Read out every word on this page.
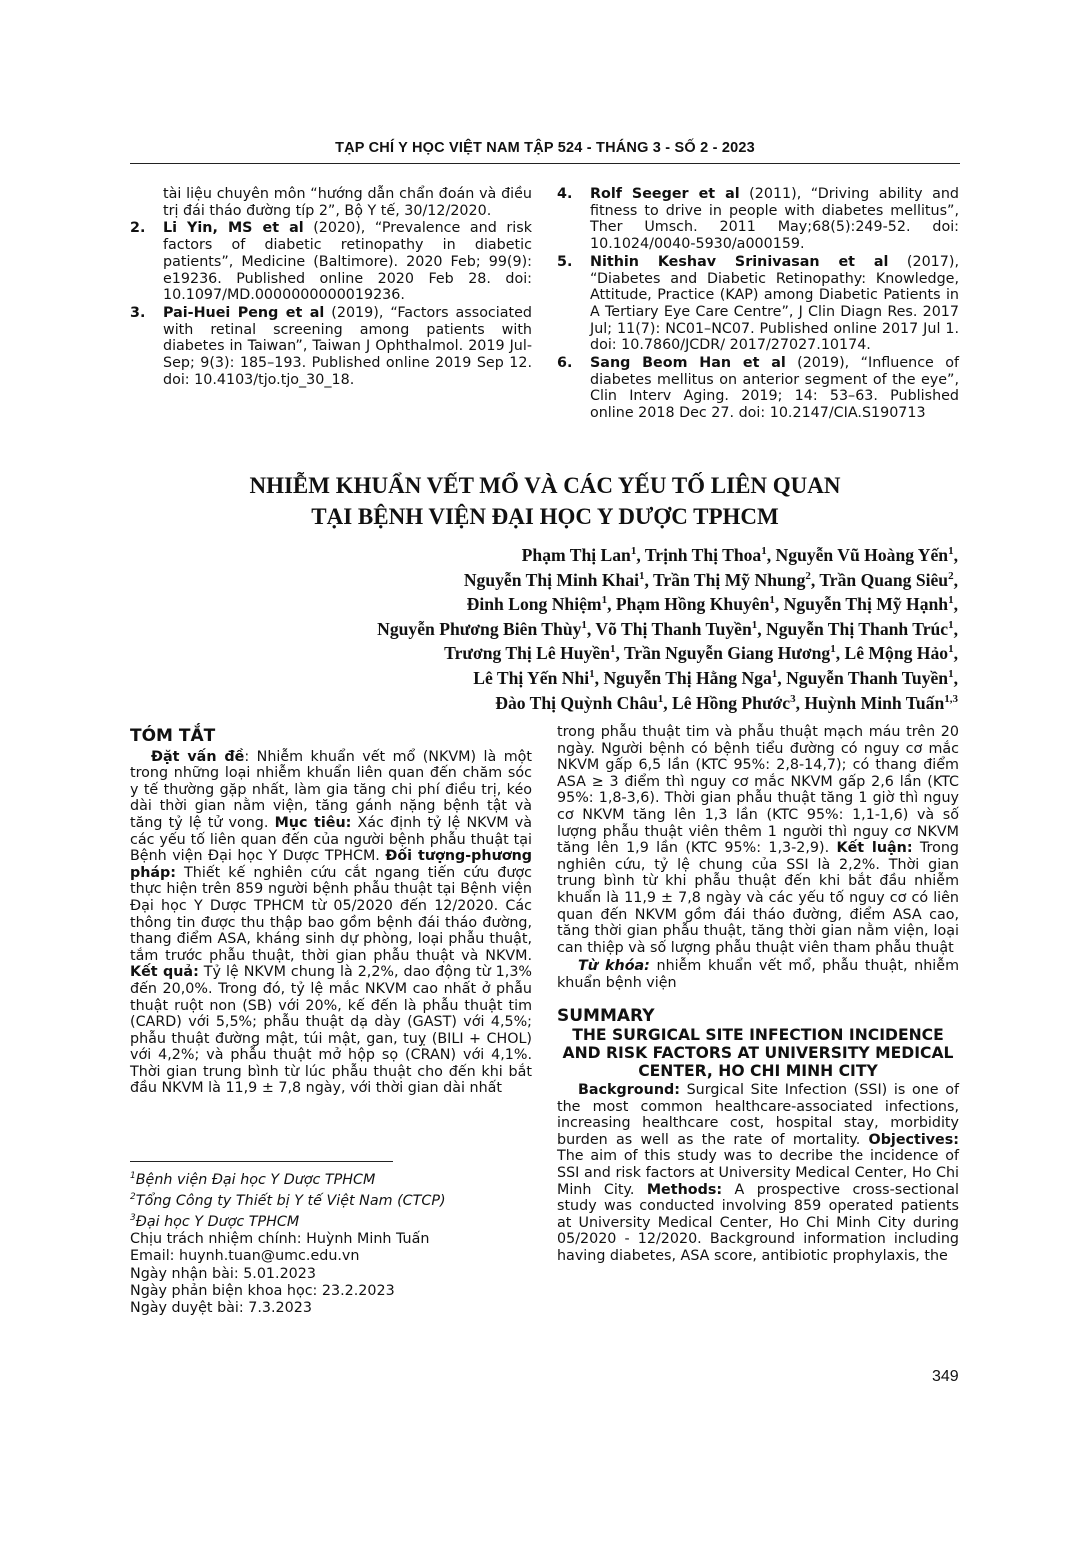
TẠP CHÍ Y HỌC VIỆT NAM TẬP 524 - THÁNG 3 - SỐ 2 - 2023
tài liệu chuyên môn “hướng dẫn chẩn đoán và điều trị đái tháo đường típ 2”, Bộ Y tế, 30/12/2020.
2. Li Yin, MS et al (2020), “Prevalence and risk factors of diabetic retinopathy in diabetic patients”, Medicine (Baltimore). 2020 Feb; 99(9): e19236. Published online 2020 Feb 28. doi: 10.1097/MD.0000000000019236.
3. Pai-Huei Peng et al (2019), “Factors associated with retinal screening among patients with diabetes in Taiwan”, Taiwan J Ophthalmol. 2019 Jul-Sep; 9(3): 185–193. Published online 2019 Sep 12. doi: 10.4103/tjo.tjo_30_18.
4. Rolf Seeger et al (2011), “Driving ability and fitness to drive in people with diabetes mellitus”, Ther Umsch. 2011 May;68(5):249-52. doi: 10.1024/0040-5930/a000159.
5. Nithin Keshav Srinivasan et al (2017), “Diabetes and Diabetic Retinopathy: Knowledge, Attitude, Practice (KAP) among Diabetic Patients in A Tertiary Eye Care Centre”, J Clin Diagn Res. 2017 Jul; 11(7): NC01–NC07. Published online 2017 Jul 1. doi: 10.7860/JCDR/ 2017/27027.10174.
6. Sang Beom Han et al (2019), “Influence of diabetes mellitus on anterior segment of the eye”, Clin Interv Aging. 2019; 14: 53–63. Published online 2018 Dec 27. doi: 10.2147/CIA.S190713
NHIỄM KHUẨN VẾT MỔ VÀ CÁC YẾU TỐ LIÊN QUAN
TẠI BỆNH VIỆN ĐẠI HỌC Y DƯỢC TPHCM
Phạm Thị Lan$^1$, Trịnh Thị Thoa$^1$, Nguyễn Vũ Hoàng Yến$^1$,
Nguyễn Thị Minh Khai$^1$, Trần Thị Mỹ Nhung$^2$, Trần Quang Siêu$^2$,
Đinh Long Nhiệm$^1$, Phạm Hồng Khuyên$^1$, Nguyễn Thị Mỹ Hạnh$^1$,
Nguyễn Phương Biên Thùy$^1$, Võ Thị Thanh Tuyền$^1$, Nguyễn Thị Thanh Trúc$^1$,
Trương Thị Lê Huyền$^1$, Trần Nguyễn Giang Hương$^1$, Lê Mộng Hảo$^1$,
Lê Thị Yến Nhi$^1$, Nguyễn Thị Hằng Nga$^1$, Nguyễn Thanh Tuyền$^1$,
Đào Thị Quỳnh Châu$^1$, Lê Hồng Phước$^3$, Huỳnh Minh Tuấn$^{1,3}$

TÓM TẮT

Đặt vấn đề: Nhiễm khuẩn vết mổ (NKVM) là một trong những loại nhiễm khuẩn liên quan đến chăm sóc y tế thường gặp nhất, làm gia tăng chi phí điều trị, kéo dài thời gian nằm viện, tăng gánh nặng bệnh tật và tăng tỷ lệ tử vong. Mục tiêu: Xác định tỷ lệ NKVM và các yếu tố liên quan đến của người bệnh phẫu thuật tại Bệnh viện Đại học Y Dược TPHCM. Đối tượng-phương pháp: Thiết kế nghiên cứu cắt ngang tiến cứu được thực hiện trên 859 người bệnh phẫu thuật tại Bệnh viện Đại học Y Dược TPHCM từ 05/2020 đến 12/2020. Các thông tin được thu thập bao gồm bệnh đái tháo đường, thang điểm ASA, kháng sinh dự phòng, loại phẫu thuật, tắm trước phẫu thuật, thời gian phẫu thuật và NKVM. Kết quả: Tỷ lệ NKVM chung là 2,2%, dao động từ 1,3% đến 20,0%. Trong đó, tỷ lệ mắc NKVM cao nhất ở phẫu thuật ruột non (SB) với 20%, kế đến là phẫu thuật tim (CARD) với 5,5%; phẫu thuật dạ dày (GAST) với 4,5%; phẫu thuật đường mật, túi mật, gan, tuỵ (BILI + CHOL) với 4,2%; và phẫu thuật mở hộp sọ (CRAN) với 4,1%. Thời gian trung bình từ lúc phẫu thuật cho đến khi bắt đầu NKVM là 11,9 ± 7,8 ngày, với thời gian dài nhất

$^1$Bệnh viện Đại học Y Dược TPHCM
$^2$Tổng Công ty Thiết bị Y tế Việt Nam (CTCP)
$^3$Đại học Y Dược TPHCM
Chịu trách nhiệm chính: Huỳnh Minh Tuấn
Email: huynh.tuan@umc.edu.vn
Ngày nhận bài: 5.01.2023
Ngày phản biện khoa học: 23.2.2023
Ngày duyệt bài: 7.3.2023

trong phẫu thuật tim và phẫu thuật mạch máu trên 20 ngày. Người bệnh có bệnh tiểu đường có nguy cơ mắc NKVM gấp 6,5 lần (KTC 95%: 2,8-14,7); có thang điểm ASA ≥ 3 điểm thì nguy cơ mắc NKVM gấp 2,6 lần (KTC 95%: 1,8-3,6). Thời gian phẫu thuật tăng 1 giờ thì nguy cơ NKVM tăng lên 1,3 lần (KTC 95%: 1,1-1,6) và số lượng phẫu thuật viên thêm 1 người thì nguy cơ NKVM tăng lên 1,9 lần (KTC 95%: 1,3-2,9). Kết luận: Trong nghiên cứu, tỷ lệ chung của SSI là 2,2%. Thời gian trung bình từ khi phẫu thuật đến khi bắt đầu nhiễm khuẩn là 11,9 ± 7,8 ngày và các yếu tố nguy cơ có liên quan đến NKVM gồm đái tháo đường, điểm ASA cao, tăng thời gian phẫu thuật, tăng thời gian nằm viện, loại can thiệp và số lượng phẫu thuật viên tham phẫu thuật

Từ khóa: nhiễm khuẩn vết mổ, phẫu thuật, nhiễm khuẩn bệnh viện

SUMMARY

THE SURGICAL SITE INFECTION INCIDENCE AND RISK FACTORS AT UNIVERSITY MEDICAL CENTER, HO CHI MINH CITY

Background: Surgical Site Infection (SSI) is one of the most common healthcare-associated infections, increasing healthcare cost, hospital stay, morbidity burden as well as the rate of mortality. Objectives: The aim of this study was to decribe the incidence of SSI and risk factors at University Medical Center, Ho Chi Minh City. Methods: A prospective cross-sectional study was conducted involving 859 operated patients at University Medical Center, Ho Chi Minh City during 05/2020 - 12/2020. Background information including having diabetes, ASA score, antibiotic prophylaxis, the

349
